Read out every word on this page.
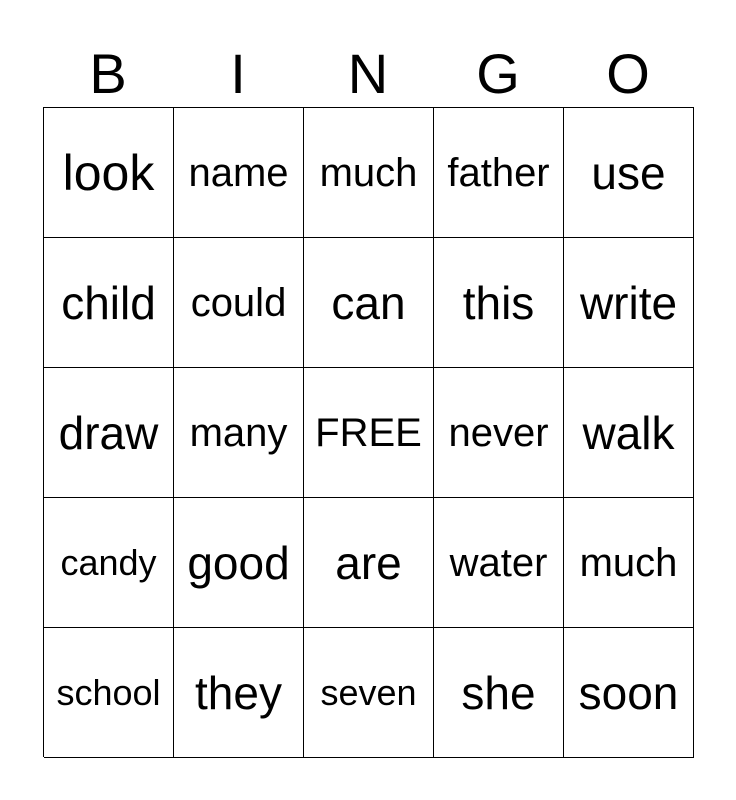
B	I	N	G	O
look name much father use
child could can this write
draw many FREE never walk
candy good are water much
school they seven she soon
